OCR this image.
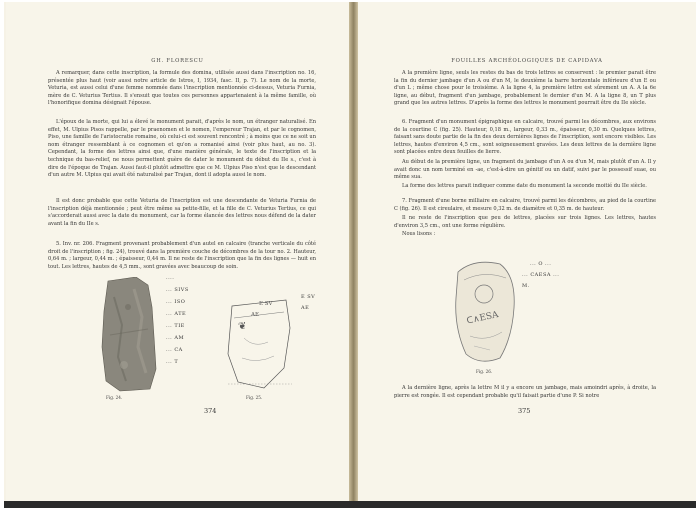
GH. FLORESCU

A remarquer, dans cette inscription, la formule des domina, utilisée aussi dans l'inscription no. 16, présentée plus haut (voir aussi notre article de Istros, I, 1934, fasc. II, p. 7). Le nom de la morte, Veturia, est aussi celui d'une femme nommée dans l'inscription mentionnée ci-dessus, Veturia Furnia, mère de C. Veturius Tertius. Il s'ensuit que toutes ces personnes appartenaient à la même famille, où l'honorifique domina désignait l'épouse.

L'époux de la morte, qui lui a élevé le monument parait, d'après le nom, un étranger naturalisé. En effet, M. Ulpius Pisos rappelle, par le praenomen et le nomen, l'empereur Trajan, et par le cognomen, Piso, une famille de l'aristocratie romaine, où celui-ci est souvent rencontré ; à moins que ce ne soit un nom étranger ressemblant à ce cognomen et qu'on a romanisé ainsi (voir plus haut, au no. 3). Cependant, la forme des lettres ainsi que, d'une manière générale, le texte de l'inscription et la technique du bas-relief, ne nous permettent guère de dater le monument du début du IIe s., c'est à dire de l'époque de Trajan. Aussi faut-il plutôt admettre que ce M. Ulpius Piso n'est que le descendant d'un autre M. Ulpius qui avait été naturalisé par Trajan, dont il adopta aussi le nom.

Il est donc probable que cette Veturia de l'inscription est une descendante de Veturia Furnia de l'inscription déjà mentionnée ; peut être même sa petite-fille, et la fille de C. Veturius Tertius, ce qui s'accorderait aussi avec la date du monument, car la forme élancée des lettres nous défend de la dater avant la fin du IIe s.

5. Inv. nr. 206. Fragment provenant probablement d'un autel en calcaire (tranche verticale du côté droit de l'inscription ; fig. 24), trouvé dans la première couche de décombres de la tour no. 2. Hauteur, 0,64 m. ; largeur, 0,44 m. ; épaisseur, 0,44 m. Il ne reste de l'inscription que la fin des lignes — huit en tout. Les lettres, hautes de 4,5 mm., sont gravées avec beaucoup de soin.

Fig. 24.
....
... SIVS
... ISO
... ATE
... TIE
... AM
... CA
... T
❦
E SV
AE
E SV
AE
Fig. 25.
374
FOUILLES ARCHÉOLOGIQUES DE CAPIDAVA

A la première ligne, seuls les restes du bas de trois lettres se conservent : le premier parait être la fin du dernier jambage d'un A ou d'un M, le deuxième la barre horizontale inférieure d'un E ou d'un L ; même chose pour le troisième. A la ligne 4, la première lettre est sûrement un A. A la 6e ligne, au début, fragment d'un jambage, probablement le dernier d'un M. A la ligne 8, un T plus grand que les autres lettres. D'après la forme des lettres le monument pourrait être du IIe siècle.

6. Fragment d'un monument épigraphique en calcaire, trouvé parmi les décombres, aux environs de la courtine C (fig. 25). Hauteur, 0,18 m., largeur, 0,33 m., épaisseur, 0,30 m. Quelques lettres, faisant sans doute partie de la fin des deux dernières lignes de l'inscription, sont encore visibles. Les lettres, hautes d'environ 4,5 cm., sont soigneusement gravées. Les deux lettres de la dernière ligne sont placées entre deux feuilles de lierre.

Au début de la première ligne, un fragment du jambage d'un A ou d'un M, mais plutôt d'un A. Il y avait donc un nom terminé en -ae, c'est-à-dire un génitif ou un datif, suivi par le possessif suae, ou même sua.

La forme des lettres parait indiquer comme date du monument la seconde moitié du IIe siècle.

7. Fragment d'une borne milliaire en calcaire, trouvé parmi les décombres, au pied de la courtine C (fig. 26). Il est cireulaire, et mesure 0,32 m. de diamètre et 0,35 m. de hauteur.

Il ne reste de l'inscription que peu de lettres, placées sur trois lignes. Les lettres, hautes d'environ 3,5 cm., ont une forme régulière.

Nous lisons :

ᑕ∧ESA
Fig. 26.
... O ...
... CAESA ...
M.

A la dernière ligne, après la lettre M il y a encore un jambage, mais amoindri après, à droite, la pierre est rongée. Il est cependant probable qu'il faisait partie d'une P. Si notre

375
